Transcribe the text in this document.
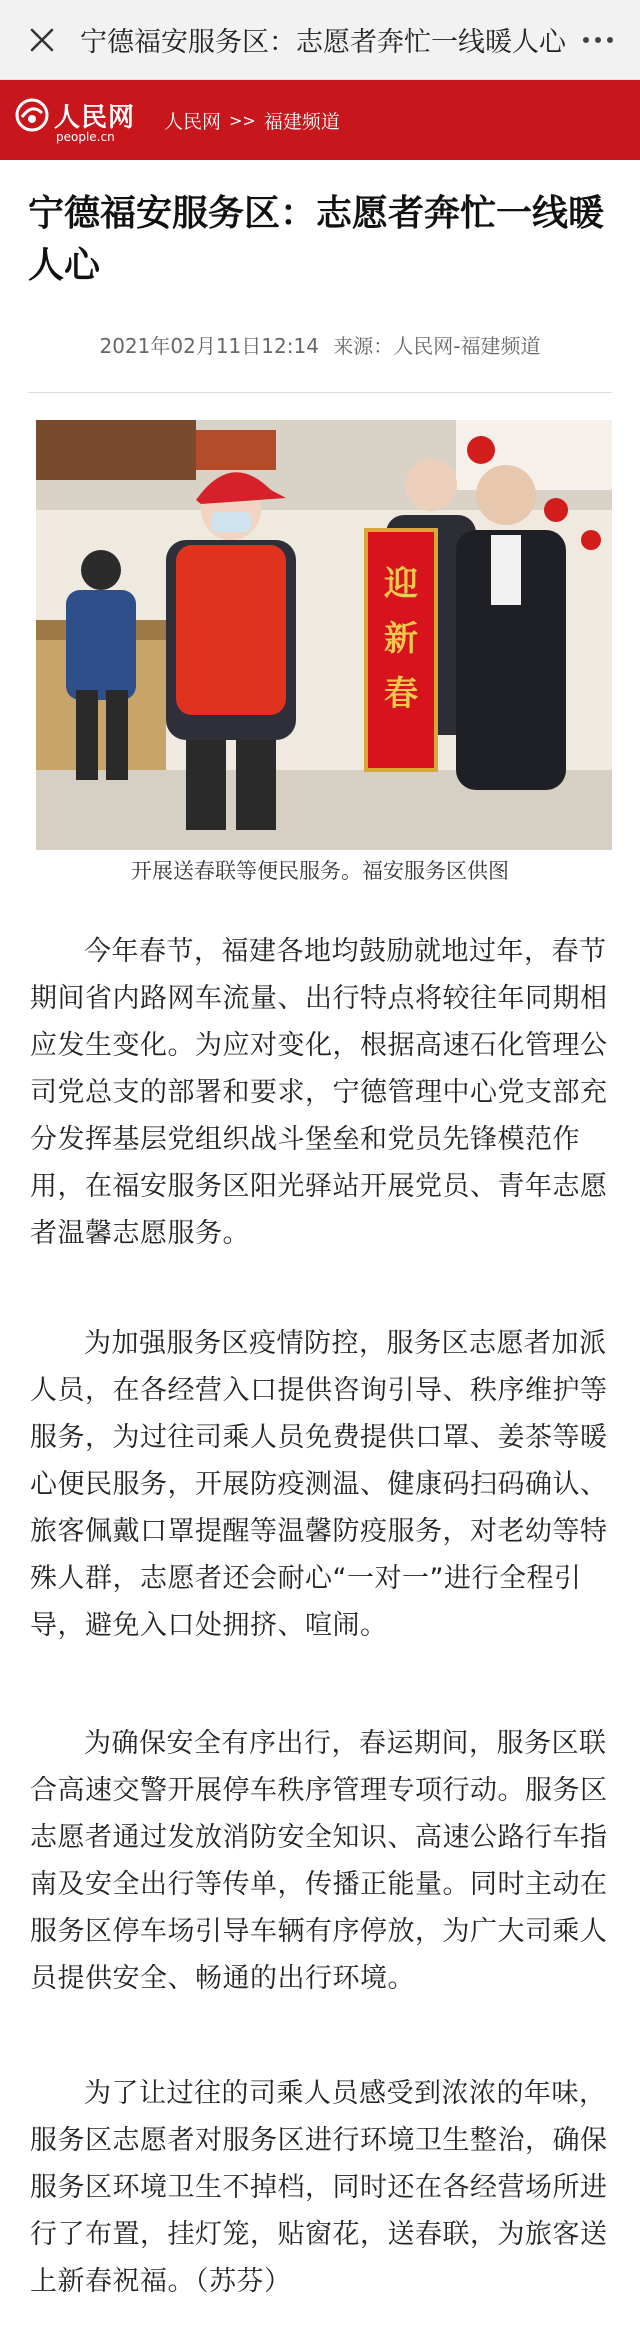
宁德福安服务区：志愿者奔忙一线暖人心
人民网
people.cn
人民网 >> 福建频道
宁德福安服务区：志愿者奔忙一线暖人心
2021年02月11日12:14 来源：人民网-福建频道
迎
新
春
开展送春联等便民服务。福安服务区供图

今年春节，福建各地均鼓励就地过年，春节期间省内路网车流量、出行特点将较往年同期相应发生变化。为应对变化，根据高速石化管理公司党总支的部署和要求，宁德管理中心党支部充分发挥基层党组织战斗堡垒和党员先锋模范作用，在福安服务区阳光驿站开展党员、青年志愿者温馨志愿服务。

为加强服务区疫情防控，服务区志愿者加派人员，在各经营入口提供咨询引导、秩序维护等服务，为过往司乘人员免费提供口罩、姜茶等暖心便民服务，开展防疫测温、健康码扫码确认、旅客佩戴口罩提醒等温馨防疫服务，对老幼等特殊人群，志愿者还会耐心“一对一”进行全程引导，避免入口处拥挤、喧闹。

为确保安全有序出行，春运期间，服务区联合高速交警开展停车秩序管理专项行动。服务区志愿者通过发放消防安全知识、高速公路行车指南及安全出行等传单，传播正能量。同时主动在服务区停车场引导车辆有序停放，为广大司乘人员提供安全、畅通的出行环境。

为了让过往的司乘人员感受到浓浓的年味，服务区志愿者对服务区进行环境卫生整治，确保服务区环境卫生不掉档，同时还在各经营场所进行了布置，挂灯笼，贴窗花，送春联，为旅客送上新春祝福。（苏芬）
